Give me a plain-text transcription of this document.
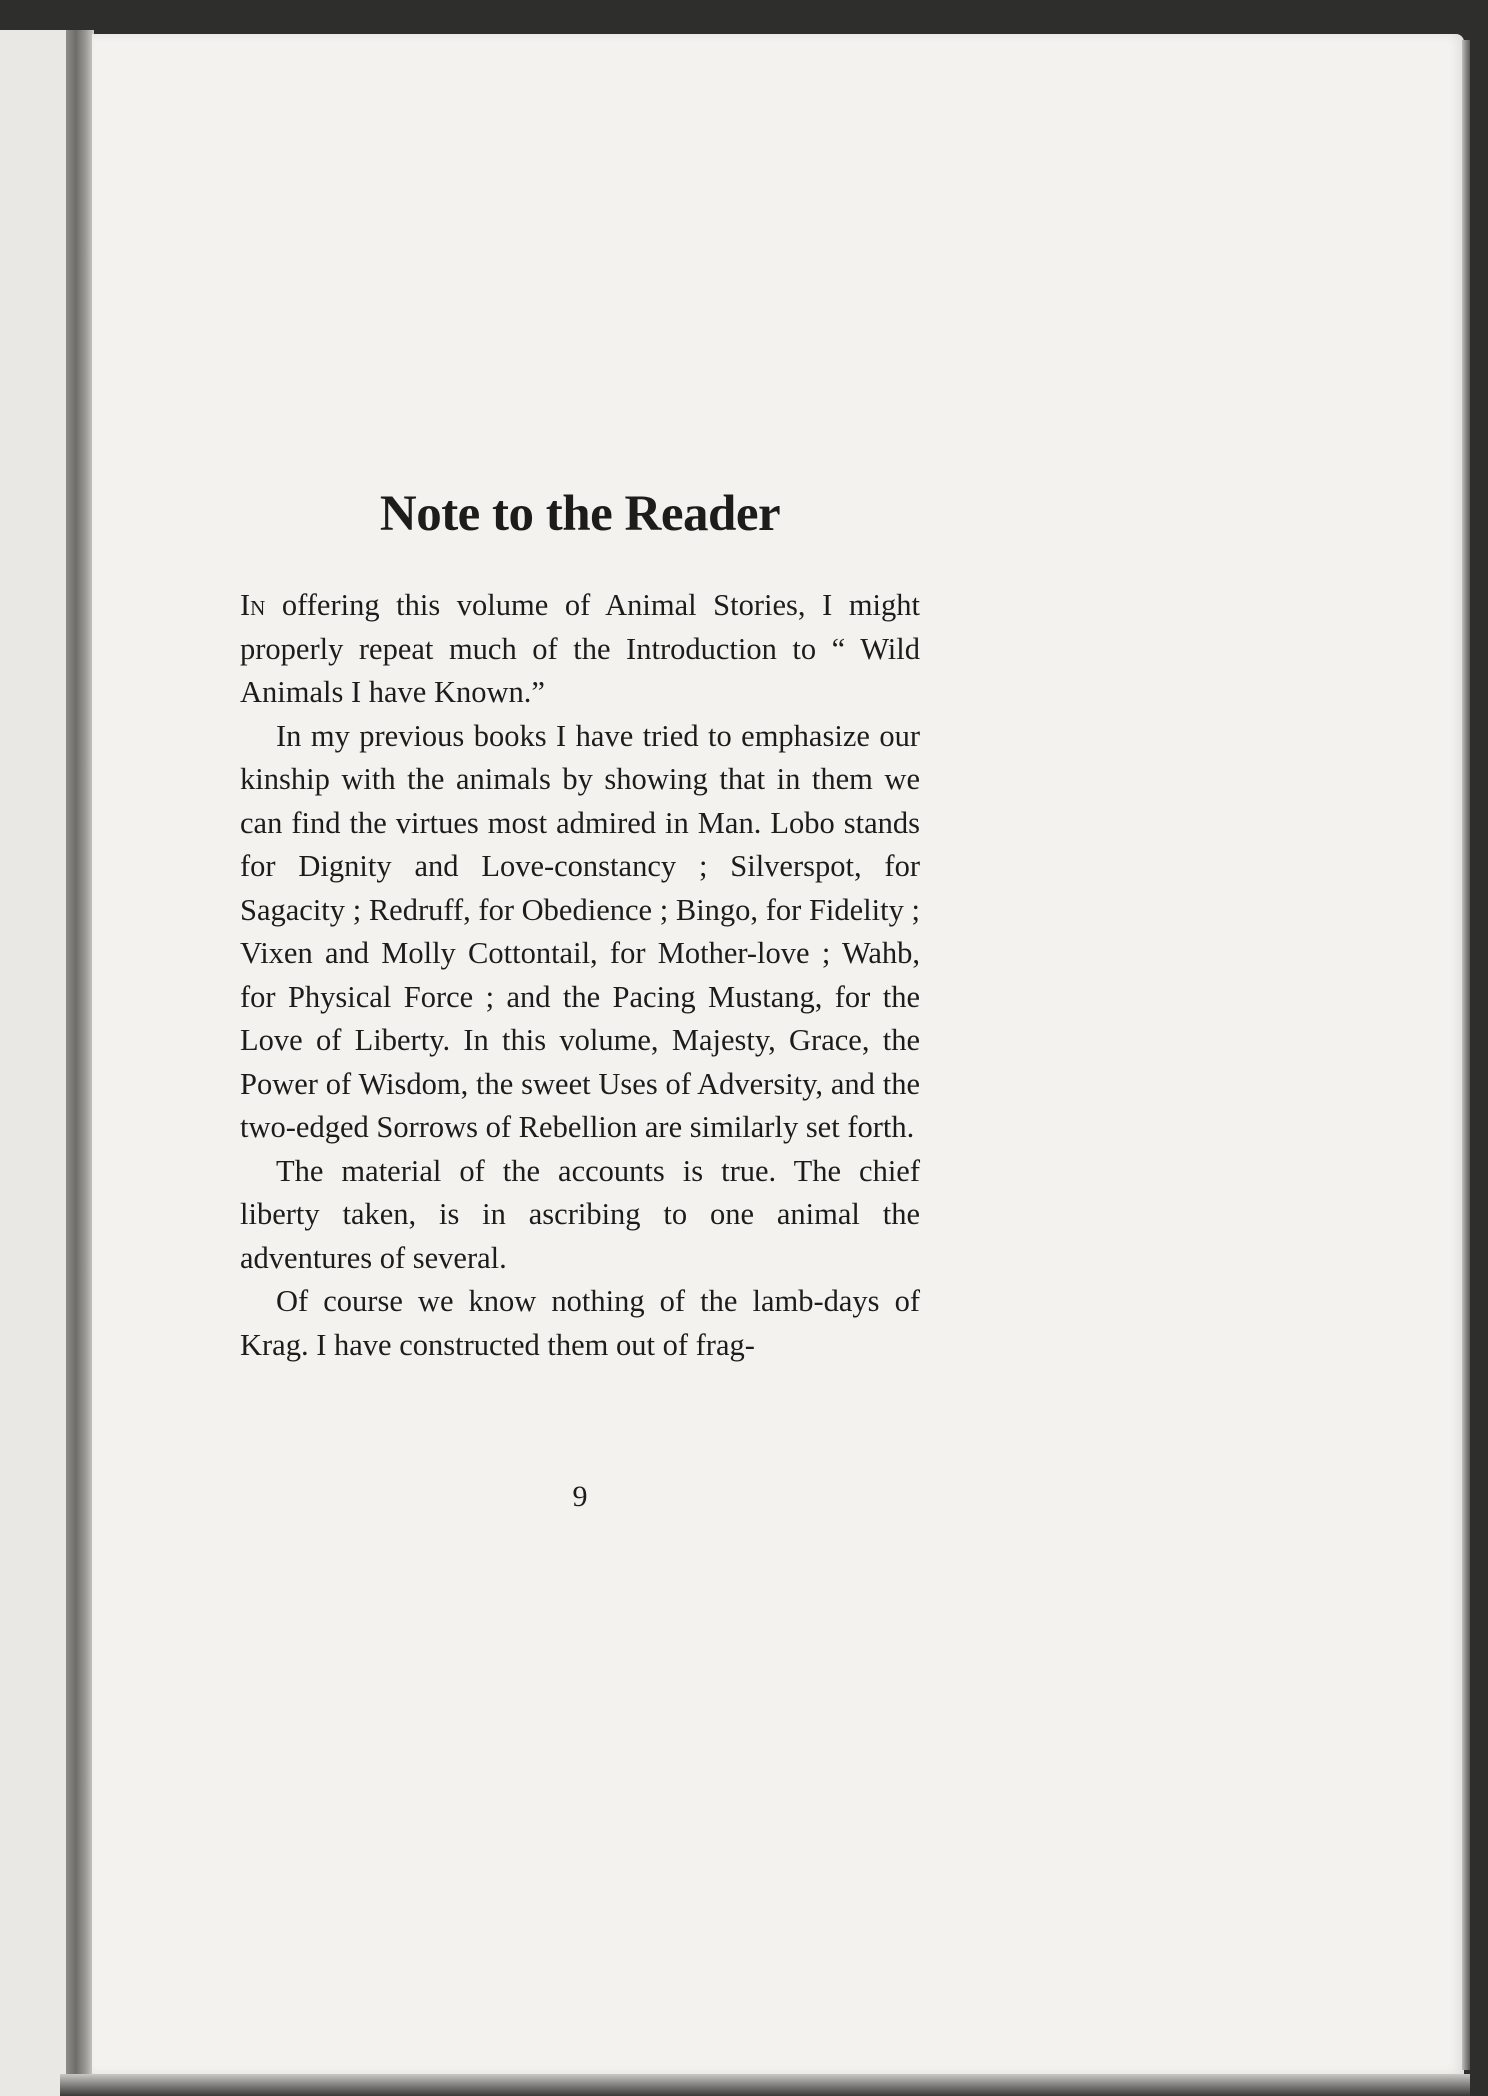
Note to the Reader

In offering this volume of Animal Stories, I might properly repeat much of the Introduction to “ Wild Animals I have Known.”

In my previous books I have tried to emphasize our kinship with the animals by showing that in them we can find the virtues most admired in Man. Lobo stands for Dignity and Love-constancy ; Silverspot, for Sagacity ; Redruff, for Obedience ; Bingo, for Fidelity ; Vixen and Molly Cottontail, for Mother-love ; Wahb, for Physical Force ; and the Pacing Mustang, for the Love of Liberty. In this volume, Majesty, Grace, the Power of Wisdom, the sweet Uses of Adversity, and the two-edged Sorrows of Rebellion are similarly set forth.

The material of the accounts is true. The chief liberty taken, is in ascribing to one animal the adventures of several.

Of course we know nothing of the lamb-days of Krag. I have constructed them out of frag-

9
